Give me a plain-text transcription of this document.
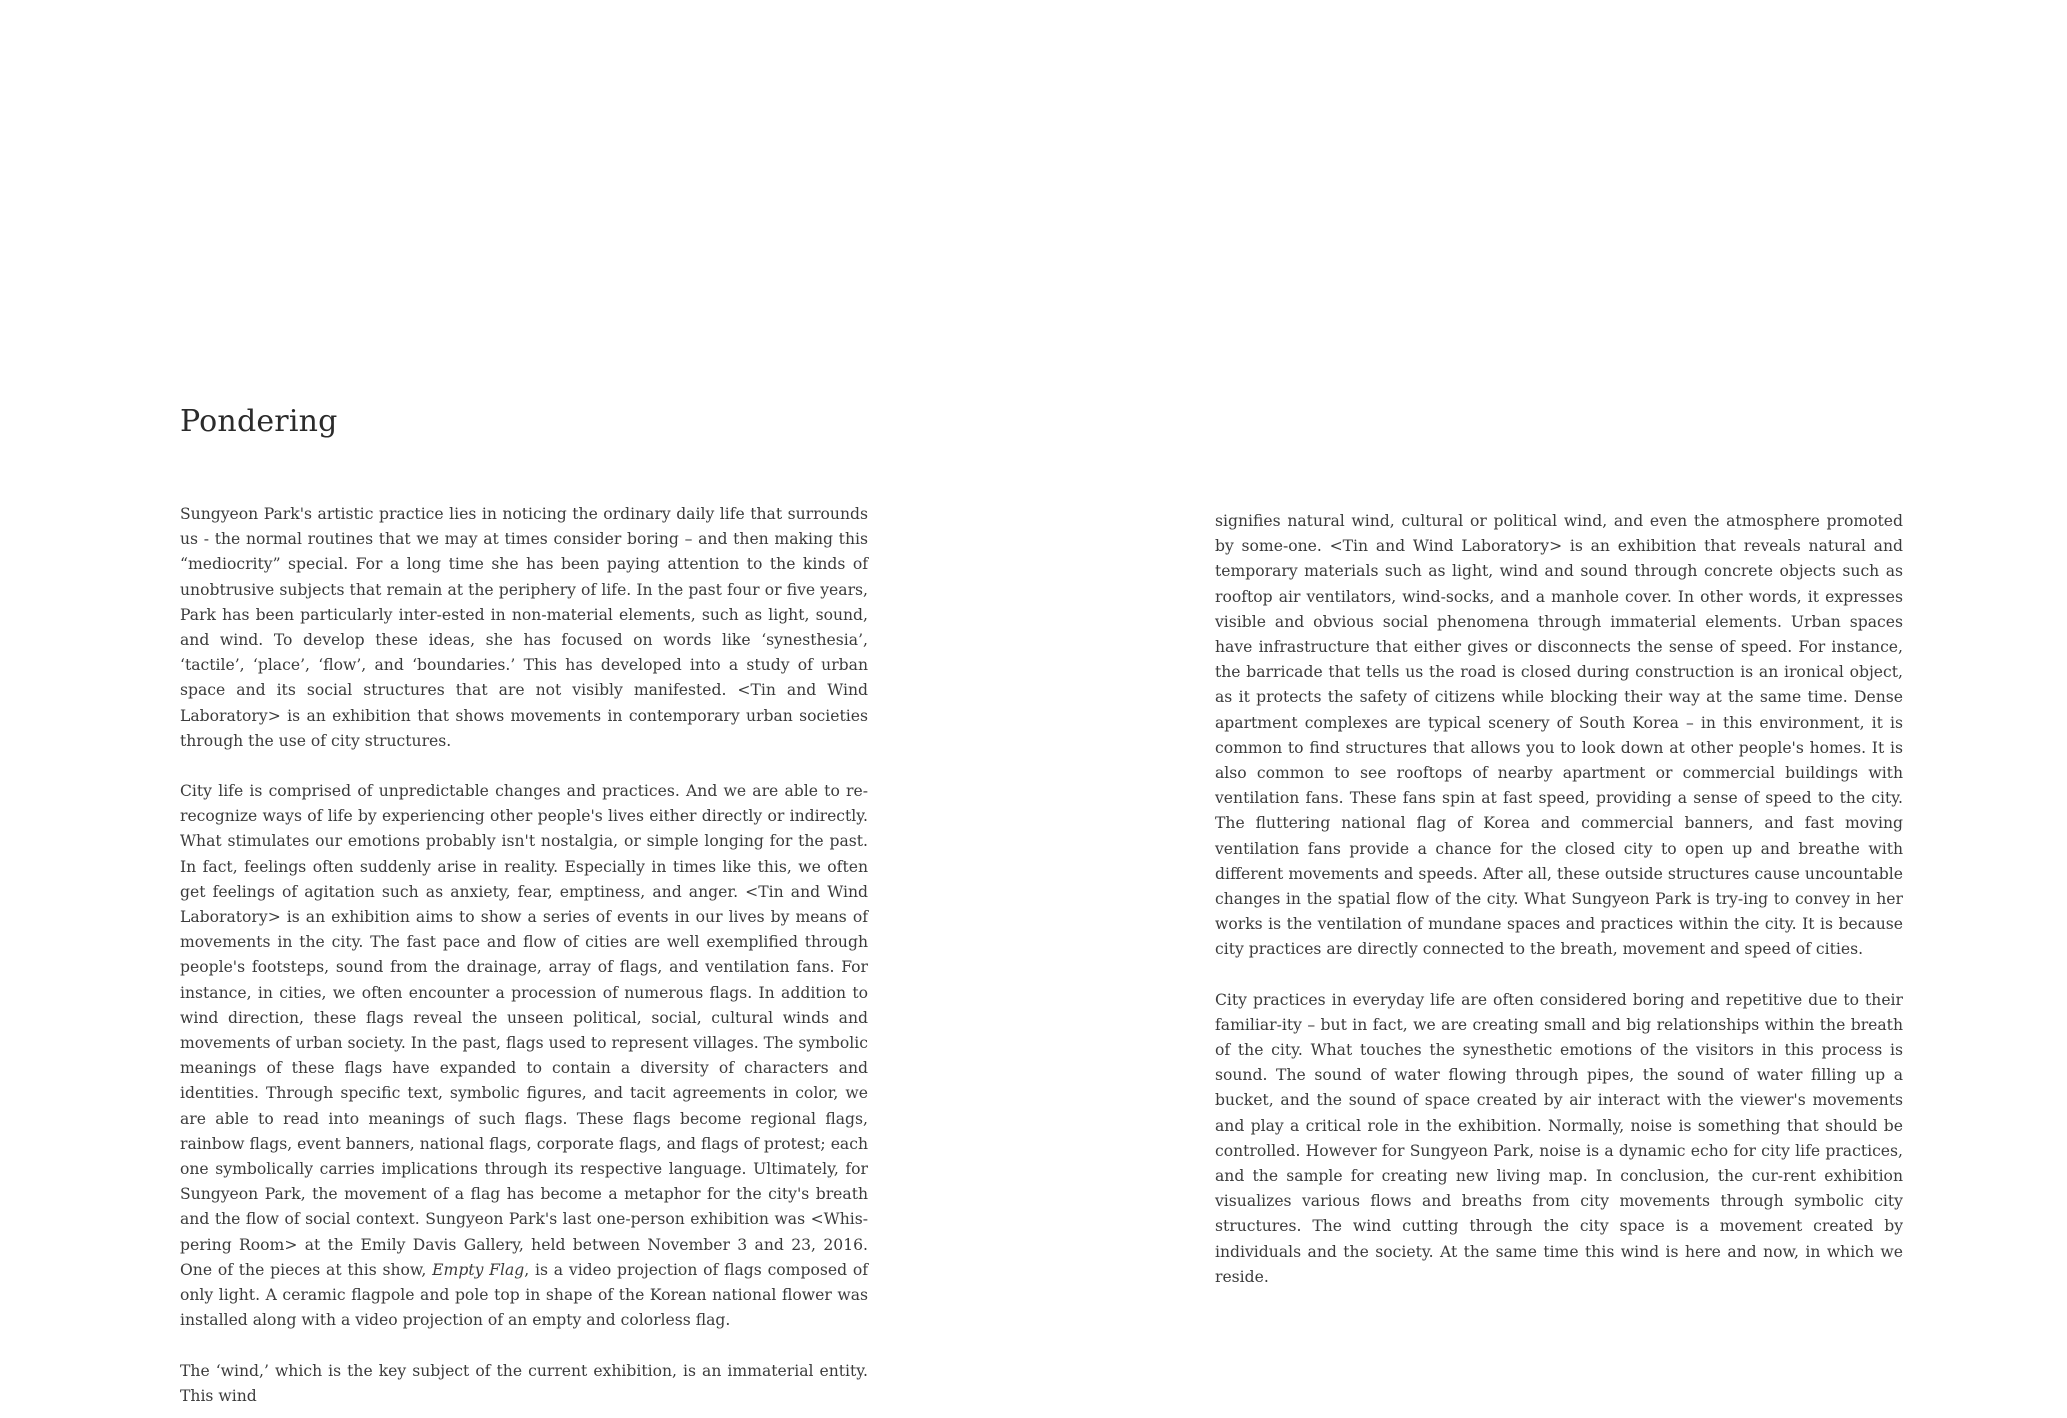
Pondering

Sungyeon Park's artistic practice lies in noticing the ordinary daily life that surrounds us - the normal routines that we may at times consider boring – and then making this “mediocrity” special. For a long time she has been paying attention to the kinds of unobtrusive subjects that remain at the periphery of life. In the past four or five years, Park has been particularly inter-ested in non-material elements, such as light, sound, and wind. To develop these ideas, she has focused on words like ‘synesthesia’, ‘tactile’, ‘place’, ‘flow’, and ‘boundaries.’ This has developed into a study of urban space and its social structures that are not visibly manifested. <Tin and Wind Laboratory> is an exhibition that shows movements in contemporary urban societies through the use of city structures.

City life is comprised of unpredictable changes and practices. And we are able to re-recognize ways of life by experiencing other people's lives either directly or indirectly. What stimulates our emotions probably isn't nostalgia, or simple longing for the past. In fact, feelings often suddenly arise in reality. Especially in times like this, we often get feelings of agitation such as anxiety, fear, emptiness, and anger. <Tin and Wind Laboratory> is an exhibition aims to show a series of events in our lives by means of movements in the city. The fast pace and flow of cities are well exemplified through people's footsteps, sound from the drainage, array of flags, and ventilation fans. For instance, in cities, we often encounter a procession of numerous flags. In addition to wind direction, these flags reveal the unseen political, social, cultural winds and movements of urban society. In the past, flags used to represent villages. The symbolic meanings of these flags have expanded to contain a diversity of characters and identities. Through specific text, symbolic figures, and tacit agreements in color, we are able to read into meanings of such flags. These flags become regional flags, rainbow flags, event banners, national flags, corporate flags, and flags of protest; each one symbolically carries implications through its respective language. Ultimately, for Sungyeon Park, the movement of a flag has become a metaphor for the city's breath and the flow of social context. Sungyeon Park's last one-person exhibition was <Whis-pering Room> at the Emily Davis Gallery, held between November 3 and 23, 2016. One of the pieces at this show, Empty Flag, is a video projection of flags composed of only light. A ceramic flagpole and pole top in shape of the Korean national flower was installed along with a video projection of an empty and colorless flag.

The ‘wind,’ which is the key subject of the current exhibition, is an immaterial entity. This wind

signifies natural wind, cultural or political wind, and even the atmosphere promoted by some-one. <Tin and Wind Laboratory> is an exhibition that reveals natural and temporary materials such as light, wind and sound through concrete objects such as rooftop air ventilators, wind-socks, and a manhole cover. In other words, it expresses visible and obvious social phenomena through immaterial elements. Urban spaces have infrastructure that either gives or disconnects the sense of speed. For instance, the barricade that tells us the road is closed during construction is an ironical object, as it protects the safety of citizens while blocking their way at the same time. Dense apartment complexes are typical scenery of South Korea – in this environment, it is common to find structures that allows you to look down at other people's homes. It is also common to see rooftops of nearby apartment or commercial buildings with ventilation fans. These fans spin at fast speed, providing a sense of speed to the city. The fluttering national flag of Korea and commercial banners, and fast moving ventilation fans provide a chance for the closed city to open up and breathe with different movements and speeds. After all, these outside structures cause uncountable changes in the spatial flow of the city. What Sungyeon Park is try-ing to convey in her works is the ventilation of mundane spaces and practices within the city. It is because city practices are directly connected to the breath, movement and speed of cities.

City practices in everyday life are often considered boring and repetitive due to their familiar-ity – but in fact, we are creating small and big relationships within the breath of the city. What touches the synesthetic emotions of the visitors in this process is sound. The sound of water flowing through pipes, the sound of water filling up a bucket, and the sound of space created by air interact with the viewer's movements and play a critical role in the exhibition. Normally, noise is something that should be controlled. However for Sungyeon Park, noise is a dynamic echo for city life practices, and the sample for creating new living map. In conclusion, the cur-rent exhibition visualizes various flows and breaths from city movements through symbolic city structures. The wind cutting through the city space is a movement created by individuals and the society. At the same time this wind is here and now, in which we reside.
